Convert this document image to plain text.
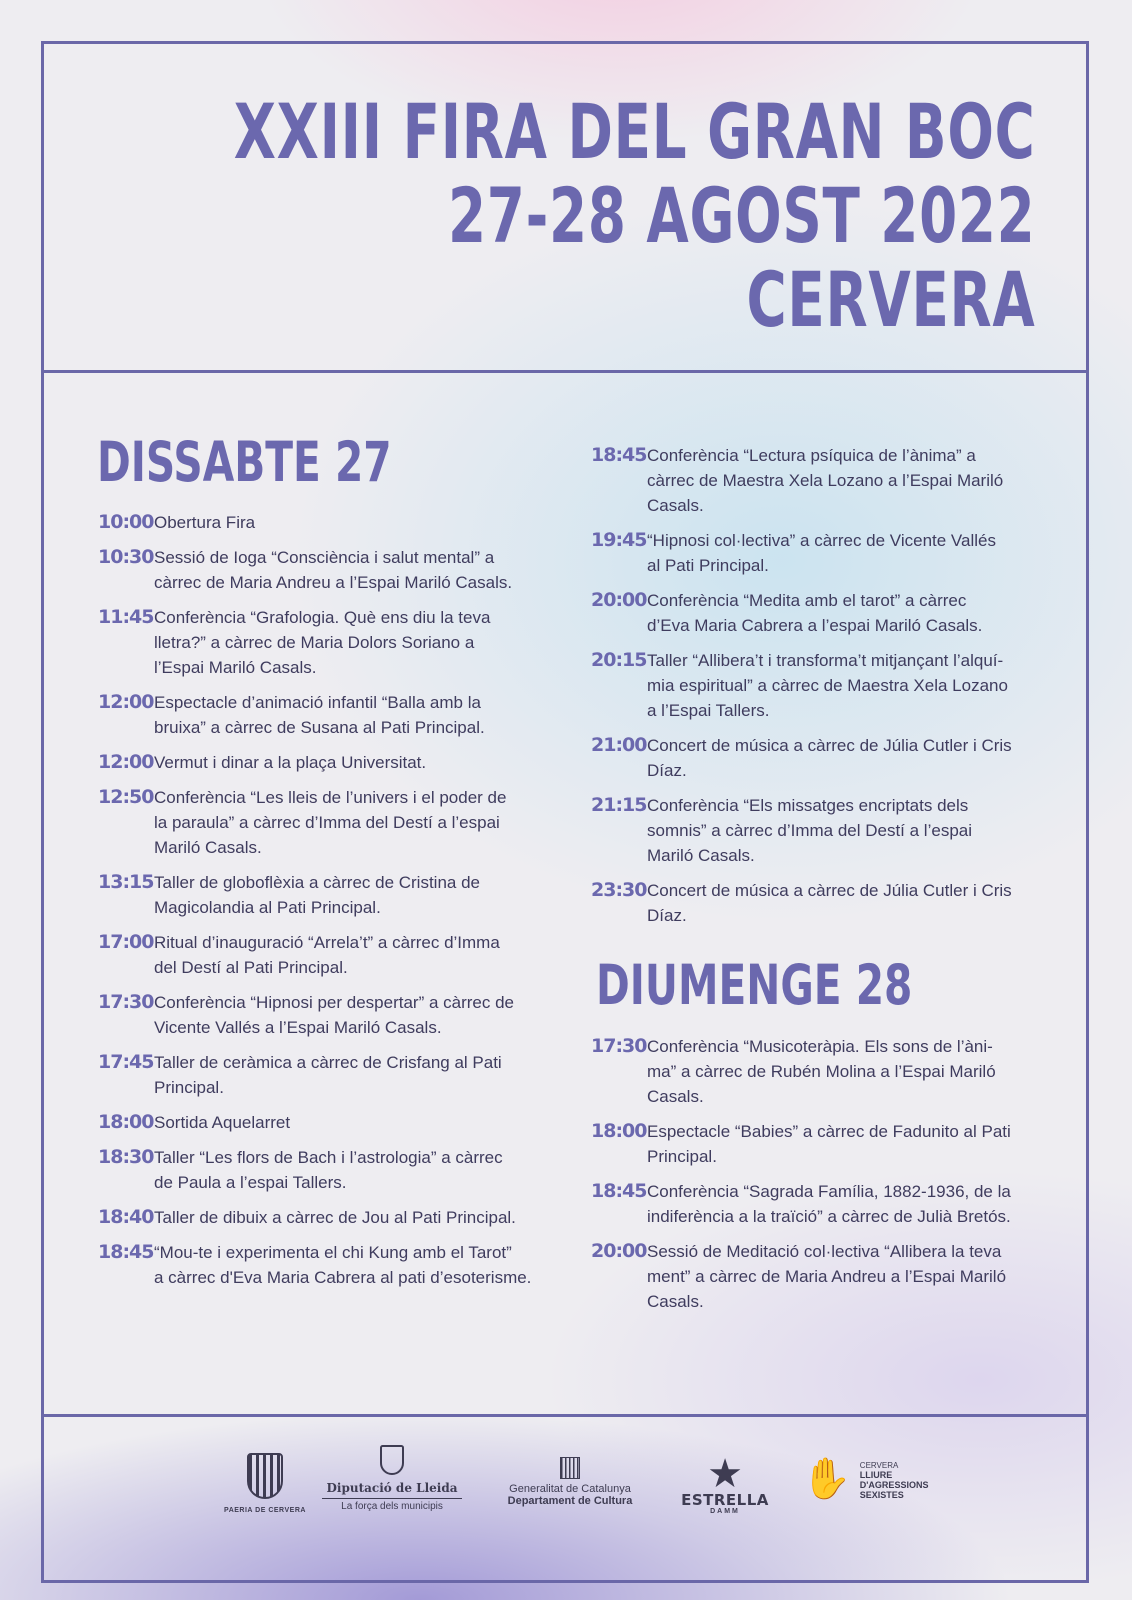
XXIII FIRA DEL GRAN BOC
27-28 AGOST 2022
CERVERA
DISSABTE 27
10:00 Obertura Fira
10:30 Sessió de Ioga “Consciència i salut mental” a
càrrec de Maria Andreu a l’Espai Mariló Casals.
11:45 Conferència “Grafologia. Què ens diu la teva
lletra?” a càrrec de Maria Dolors Soriano a
l’Espai Mariló Casals.
12:00 Espectacle d’animació infantil “Balla amb la
bruixa” a càrrec de Susana al Pati Principal.
12:00 Vermut i dinar a la plaça Universitat.
12:50 Conferència “Les lleis de l’univers i el poder de
la paraula” a càrrec d’Imma del Destí a l’espai
Mariló Casals.
13:15 Taller de globoflèxia a càrrec de Cristina de
Magicolandia al Pati Principal.
17:00 Ritual d’inauguració “Arrela’t” a càrrec d’Imma
del Destí al Pati Principal.
17:30 Conferència “Hipnosi per despertar” a càrrec de
Vicente Vallés a l’Espai Mariló Casals.
17:45 Taller de ceràmica a càrrec de Crisfang al Pati
Principal.
18:00 Sortida Aquelarret
18:30 Taller “Les flors de Bach i l’astrologia” a càrrec
de Paula a l’espai Tallers.
18:40 Taller de dibuix a càrrec de Jou al Pati Principal.
18:45 “Mou-te i experimenta el chi Kung amb el Tarot”
a càrrec d'Eva Maria Cabrera al pati d’esoterisme.
18:45 Conferència “Lectura psíquica de l’ànima” a
càrrec de Maestra Xela Lozano a l’Espai Mariló
Casals.
19:45 “Hipnosi col·lectiva” a càrrec de Vicente Vallés
al Pati Principal.
20:00 Conferència “Medita amb el tarot” a càrrec
d’Eva Maria Cabrera a l’espai Mariló Casals.
20:15 Taller “Allibera’t i transforma’t mitjançant l’alquí-
mia espiritual” a càrrec de Maestra Xela Lozano
a l’Espai Tallers.
21:00 Concert de música a càrrec de Júlia Cutler i Cris Díaz.
21:15 Conferència “Els missatges encriptats dels
somnis” a càrrec d’Imma del Destí a l’espai
Mariló Casals.
23:30 Concert de música a càrrec de Júlia Cutler i Cris Díaz.
DIUMENGE 28
17:30 Conferència “Musicoteràpia. Els sons de l’àni-
ma” a càrrec de Rubén Molina a l’Espai Mariló
Casals.
18:00 Espectacle “Babies” a càrrec de Fadunito al Pati
Principal.
18:45 Conferència “Sagrada Família, 1882-1936, de la
indiferència a la traïció” a càrrec de Julià Bretós.
20:00 Sessió de Meditació col·lectiva “Allibera la teva
ment” a càrrec de Maria Andreu a l’Espai Mariló
Casals.
PAERIA DE CERVERA
Diputació de Lleida
La força dels municipis
Generalitat de Catalunya
Departament de Cultura
★
ESTRELLA
DAMM
✋ CERVERA
LLIURE
D'AGRESSIONS
SEXISTES
